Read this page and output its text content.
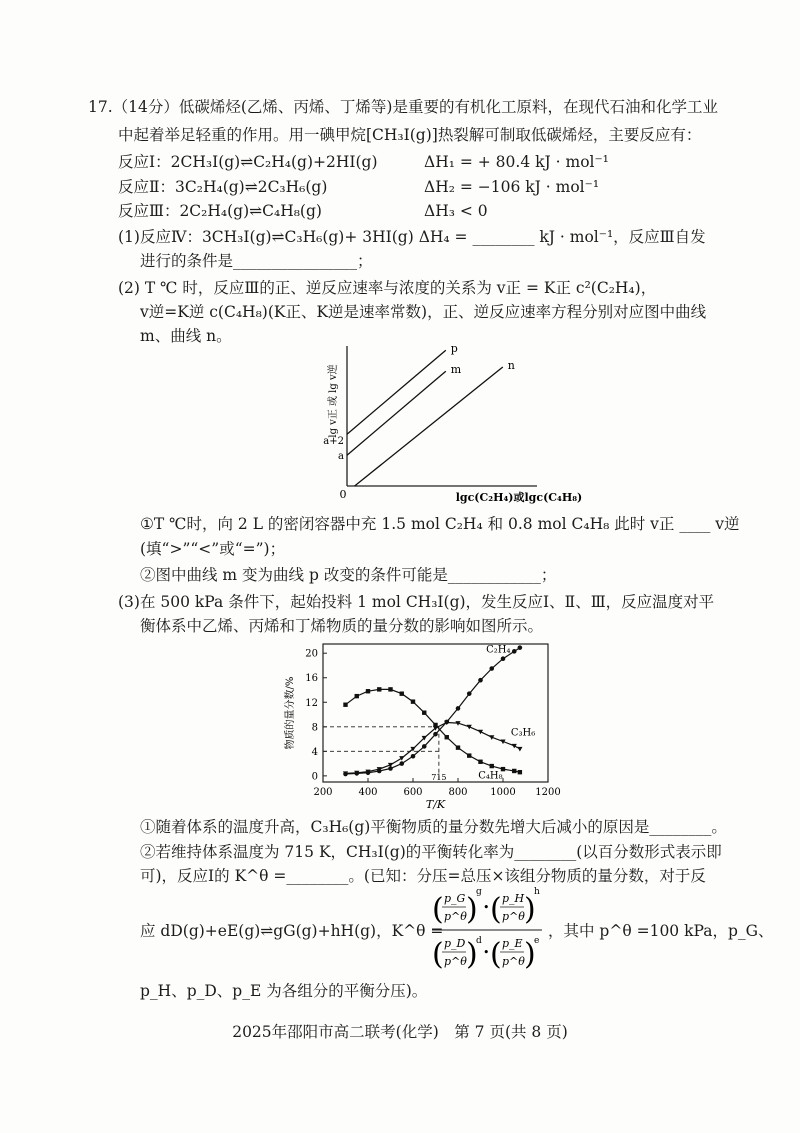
17.（14分）低碳烯烃(乙烯、丙烯、丁烯等)是重要的有机化工原料，在现代石油和化学工业
中起着举足轻重的作用。用一碘甲烷[CH₃I(g)]热裂解可制取低碳烯烃，主要反应有：
反应Ⅰ：2CH₃I(g)⇌C₂H₄(g)+2HI(g)	ΔH₁ = + 80.4 kJ · mol⁻¹
反应Ⅱ：3C₂H₄(g)⇌2C₃H₆(g)	ΔH₂ = −106 kJ · mol⁻¹
反应Ⅲ：2C₂H₄(g)⇌C₄H₈(g)	ΔH₃ < 0
(1)反应Ⅳ：3CH₃I(g)⇌C₃H₆(g)+ 3HI(g) ΔH₄ = ________ kJ · mol⁻¹，反应Ⅲ自发
进行的条件是________________；
(2) T ℃ 时，反应Ⅲ的正、逆反应速率与浓度的关系为 v正 = K正 c²(C₂H₄)，
v逆=K逆 c(C₄H₈)(K正、K逆是速率常数)，正、逆反应速率方程分别对应图中曲线
m、曲线 n。
0	lgc(C₂H₄)或lgc(C₄H₈)
lg v正 或 lg v逆
a
a+2
p
m	n
①T ℃时，向 2 L 的密闭容器中充 1.5 mol C₂H₄ 和 0.8 mol C₄H₈ 此时 v正 ____ v逆
(填“>”“<”或“=”)；
②图中曲线 m 变为曲线 p 改变的条件可能是____________；
(3)在 500 kPa 条件下，起始投料 1 mol CH₃I(g)，发生反应Ⅰ、Ⅱ、Ⅲ，反应温度对平
衡体系中乙烯、丙烯和丁烯物质的量分数的影响如图所示。
200	400	600	800 1000 1200
0
4
8
12
16
20
T/K
物质的量分数/%
715
C₂H₄
C₃H₆
C₄H₈
①随着体系的温度升高，C₃H₆(g)平衡物质的量分数先增大后减小的原因是________。
②若维持体系温度为 715 K，CH₃I(g)的平衡转化率为________(以百分数形式表示即
可)，反应Ⅰ的 K^θ =________。(已知：分压=总压×该组分物质的量分数，对于反
应 dD(g)+eE(g)⇌gG(g)+hH(g)，K^θ =
( p_G
p^θ )
g
• ( p_H
p^θ )
h
( p_D
p^θ )
d
• ( p_E
p^θ )
e
，其中 p^θ =100 kPa，p_G、
p_H、p_D、p_E 为各组分的平衡分压)。
2025年邵阳市高二联考(化学)　第 7 页(共 8 页)
